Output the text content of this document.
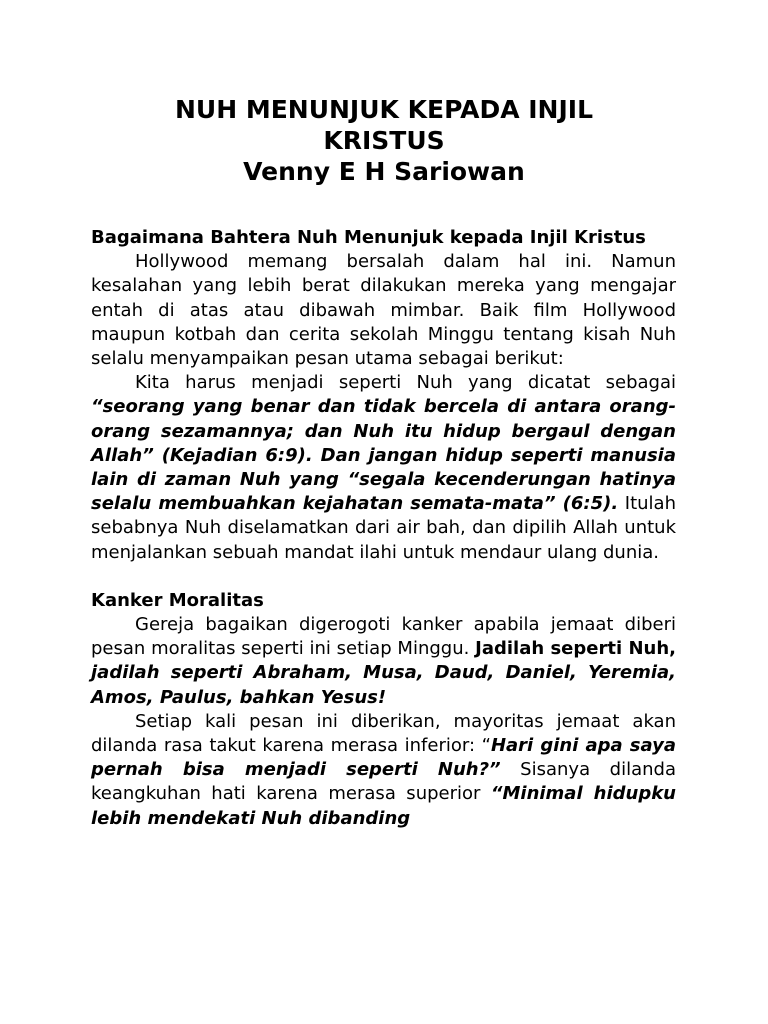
NUH MENUNJUK KEPADA INJIL
KRISTUS
Venny E H Sariowan

Bagaimana Bahtera Nuh Menunjuk kepada Injil Kristus

Hollywood memang bersalah dalam hal ini. Namun kesalahan yang lebih berat dilakukan mereka yang mengajar entah di atas atau dibawah mimbar. Baik film Hollywood maupun kotbah dan cerita sekolah Minggu tentang kisah Nuh selalu menyampaikan pesan utama sebagai berikut:

Kita harus menjadi seperti Nuh yang dicatat sebagai “seorang yang benar dan tidak bercela di antara orang-orang sezamannya; dan Nuh itu hidup bergaul dengan Allah” (Kejadian 6:9). Dan jangan hidup seperti manusia lain di zaman Nuh yang “segala kecenderungan hatinya selalu membuahkan kejahatan semata-mata” (6:5). Itulah sebabnya Nuh diselamatkan dari air bah, dan dipilih Allah untuk menjalankan sebuah mandat ilahi untuk mendaur ulang dunia.

Kanker Moralitas

Gereja bagaikan digerogoti kanker apabila jemaat diberi pesan moralitas seperti ini setiap Minggu. Jadilah seperti Nuh, jadilah seperti Abraham, Musa, Daud, Daniel, Yeremia, Amos, Paulus, bahkan Yesus!

Setiap kali pesan ini diberikan, mayoritas jemaat akan dilanda rasa takut karena merasa inferior: “Hari gini apa saya pernah bisa menjadi seperti Nuh?” Sisanya dilanda keangkuhan hati karena merasa superior “Minimal hidupku lebih mendekati Nuh dibanding
